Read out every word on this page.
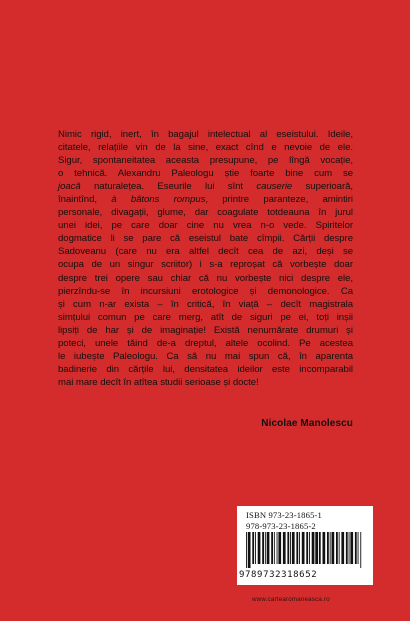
Nimic rigid, inert, în bagajul intelectual al eseistului. Ideile,
citatele, relațiile vin de la sine, exact cînd e nevoie de ele.
Sigur, spontaneitatea aceasta presupune, pe lîngă vocație,
o tehnică. Alexandru Paleologu știe foarte bine cum se
joacă naturalețea. Eseurile lui sînt causerie superioară,
înaintînd, à bâtons rompus, printre paranteze, amintiri
personale, divagații, glume, dar coagulate totdeauna în jurul
unei idei, pe care doar cine nu vrea n-o vede. Spiritelor
dogmatice li se pare că eseistul bate cîmpii. Cărții despre
Sadoveanu (care nu era altfel decît cea de azi, deși se
ocupa de un singur scriitor) i s-a reproșat că vorbește doar
despre trei opere sau chiar că nu vorbește nici despre ele,
pierzîndu-se în incursiuni erotologice și demonologice. Ca
și cum n-ar exista – în critică, în viață – decît magistrala
simțului comun pe care merg, atît de siguri pe ei, toți inșii
lipsiți de har și de imaginație! Există nenumărate drumuri și
poteci, unele tăind de-a dreptul, altele ocolind. Pe acestea
le iubește Paleologu. Ca să nu mai spun că, în aparenta
badinerie din cărțile lui, densitatea ideilor este incomparabil
mai mare decît în atîtea studii serioase și docte!
Nicolae Manolescu
ISBN 973-23-1865-1
978-973-23-1865-2
9789732318652
www.cartearomaneasca.ro
